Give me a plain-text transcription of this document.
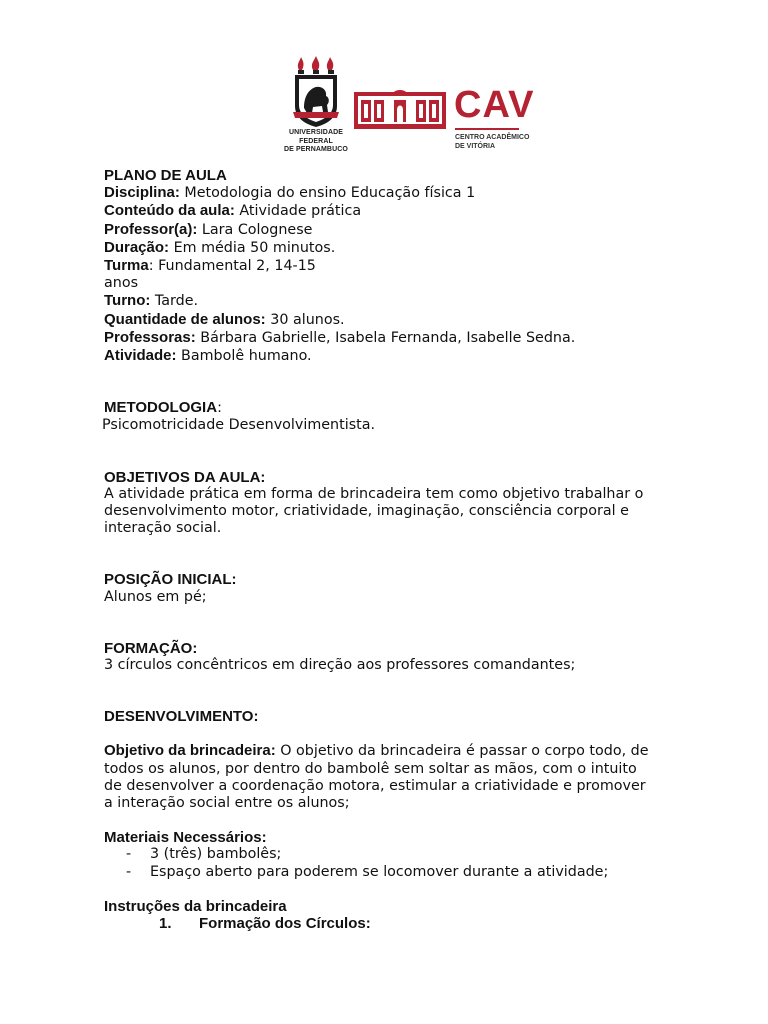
UNIVERSIDADE
FEDERAL
DE PERNAMBUCO
CAV
CENTRO ACADÊMICO
DE VITÓRIA

PLANO DE AULA

Disciplina: Metodologia do ensino Educação física 1

Conteúdo da aula: Atividade prática

Professor(a): Lara Colognese

Duração: Em média 50 minutos.

Turma: Fundamental 2, 14-15

anos

Turno: Tarde.

Quantidade de alunos: 30 alunos.

Professoras: Bárbara Gabrielle, Isabela Fernanda, Isabelle Sedna.

Atividade: Bambolê humano.

METODOLOGIA:

Psicomotricidade Desenvolvimentista.

OBJETIVOS DA AULA:

A atividade prática em forma de brincadeira tem como objetivo trabalhar o

desenvolvimento motor, criatividade, imaginação, consciência corporal e

interação social.

POSIÇÃO INICIAL:

Alunos em pé;

FORMAÇÃO:

3 círculos concêntricos em direção aos professores comandantes;

DESENVOLVIMENTO:

Objetivo da brincadeira: O objetivo da brincadeira é passar o corpo todo, de

todos os alunos, por dentro do bambolê sem soltar as mãos, com o intuito

de desenvolver a coordenação motora, estimular a criatividade e promover

a interação social entre os alunos;

Materiais Necessários:

- 3 (três) bambolês;
- Espaço aberto para poderem se locomover durante a atividade;

Instruções da brincadeira

1. Formação dos Círculos:
